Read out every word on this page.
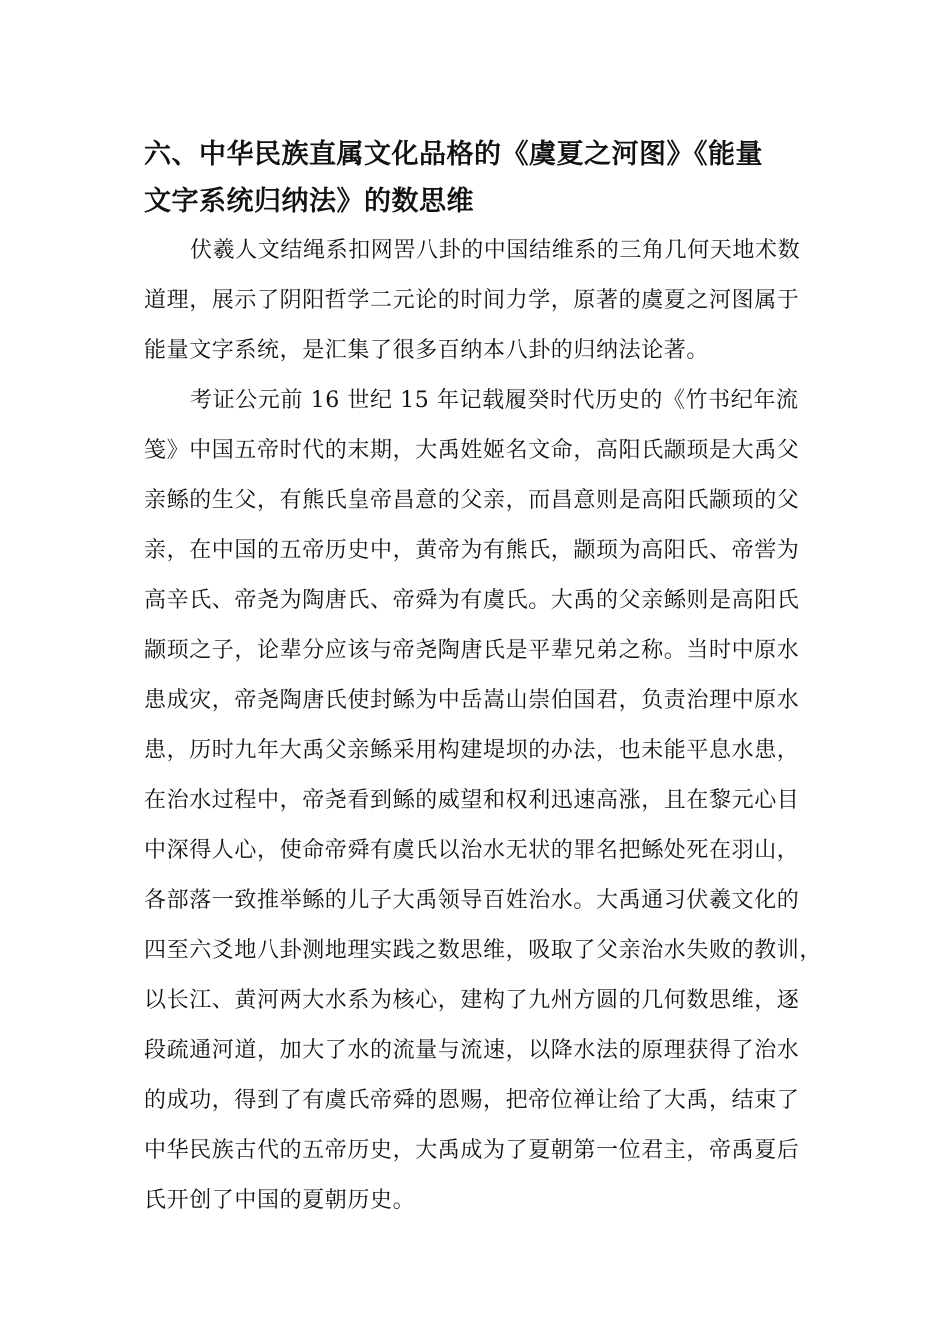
六、中华民族直属文化品格的《虞夏之河图》《能量
文字系统归纳法》的数思维
伏羲人文结绳系扣网罟八卦的中国结维系的三角几何天地术数
道理，展示了阴阳哲学二元论的时间力学，原著的虞夏之河图属于
能量文字系统，是汇集了很多百纳本八卦的归纳法论著。
考证公元前 16 世纪 15 年记载履癸时代历史的《竹书纪年流
笺》中国五帝时代的末期，大禹姓姬名文命，高阳氏颛顼是大禹父
亲鲧的生父，有熊氏皇帝昌意的父亲，而昌意则是高阳氏颛顼的父
亲，在中国的五帝历史中，黄帝为有熊氏，颛顼为高阳氏、帝喾为
高辛氏、帝尧为陶唐氏、帝舜为有虞氏。大禹的父亲鲧则是高阳氏
颛顼之子，论辈分应该与帝尧陶唐氏是平辈兄弟之称。当时中原水
患成灾，帝尧陶唐氏使封鲧为中岳嵩山崇伯国君，负责治理中原水
患，历时九年大禹父亲鲧采用构建堤坝的办法，也未能平息水患，
在治水过程中，帝尧看到鲧的威望和权利迅速高涨，且在黎元心目
中深得人心，使命帝舜有虞氏以治水无状的罪名把鲧处死在羽山，
各部落一致推举鲧的儿子大禹领导百姓治水。大禹通习伏羲文化的
四至六爻地八卦测地理实践之数思维，吸取了父亲治水失败的教训，
以长江、黄河两大水系为核心，建构了九州方圆的几何数思维，逐
段疏通河道，加大了水的流量与流速，以降水法的原理获得了治水
的成功，得到了有虞氏帝舜的恩赐，把帝位禅让给了大禹，结束了
中华民族古代的五帝历史，大禹成为了夏朝第一位君主，帝禹夏后
氏开创了中国的夏朝历史。
